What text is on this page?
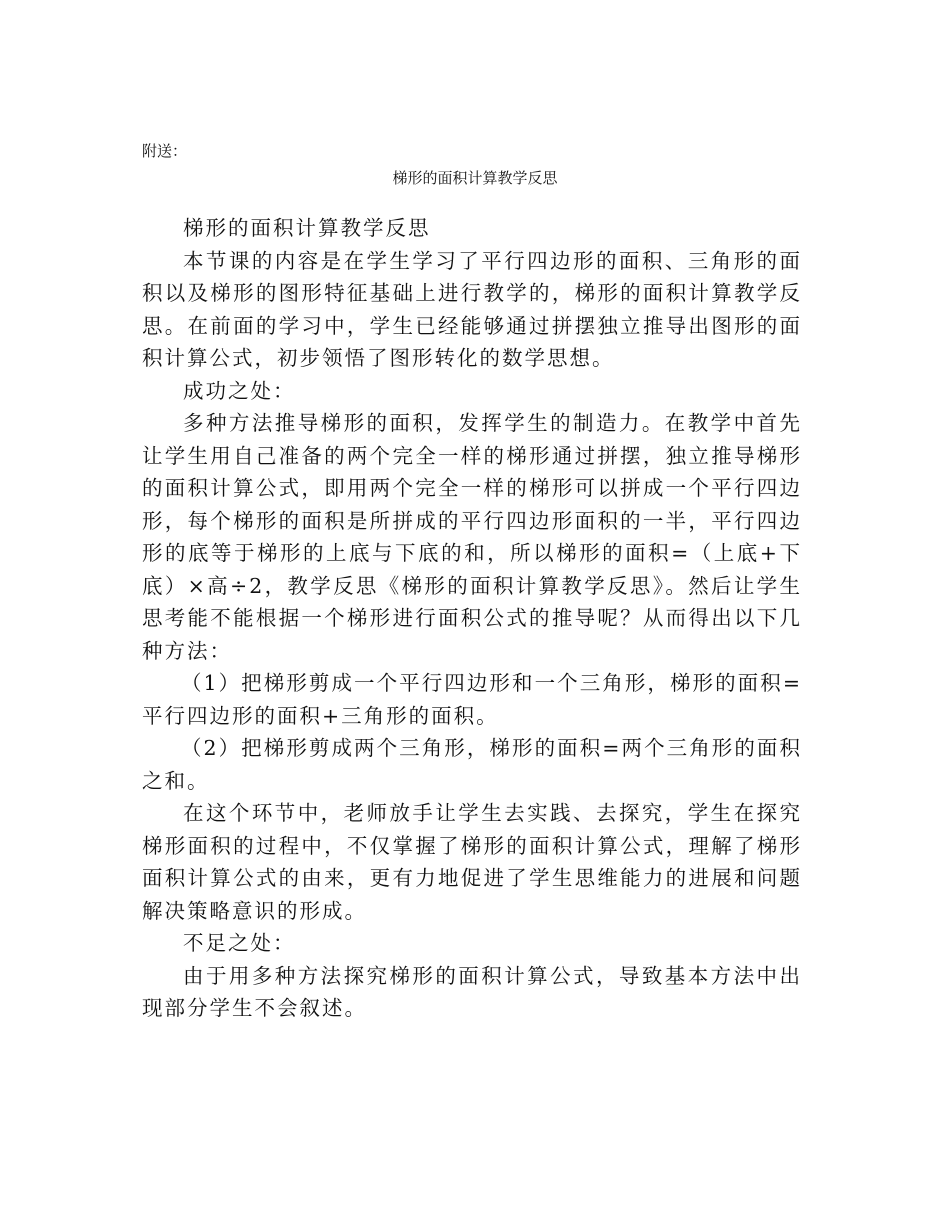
附送：

梯形的面积计算教学反思

梯形的面积计算教学反思

本节课的内容是在学生学习了平行四边形的面积、三角形的面积以及梯形的图形特征基础上进行教学的，梯形的面积计算教学反思。在前面的学习中，学生已经能够通过拼摆独立推导出图形的面积计算公式，初步领悟了图形转化的数学思想。

成功之处：

多种方法推导梯形的面积，发挥学生的制造力。在教学中首先让学生用自己准备的两个完全一样的梯形通过拼摆，独立推导梯形的面积计算公式，即用两个完全一样的梯形可以拼成一个平行四边形，每个梯形的面积是所拼成的平行四边形面积的一半，平行四边形的底等于梯形的上底与下底的和，所以梯形的面积=（上底+下底）×高÷2，教学反思《梯形的面积计算教学反思》。然后让学生思考能不能根据一个梯形进行面积公式的推导呢？从而得出以下几种方法：

（1）把梯形剪成一个平行四边形和一个三角形，梯形的面积=平行四边形的面积+三角形的面积。

（2）把梯形剪成两个三角形，梯形的面积=两个三角形的面积之和。

在这个环节中，老师放手让学生去实践、去探究，学生在探究梯形面积的过程中，不仅掌握了梯形的面积计算公式，理解了梯形面积计算公式的由来，更有力地促进了学生思维能力的进展和问题解决策略意识的形成。

不足之处：

由于用多种方法探究梯形的面积计算公式，导致基本方法中出现部分学生不会叙述。
